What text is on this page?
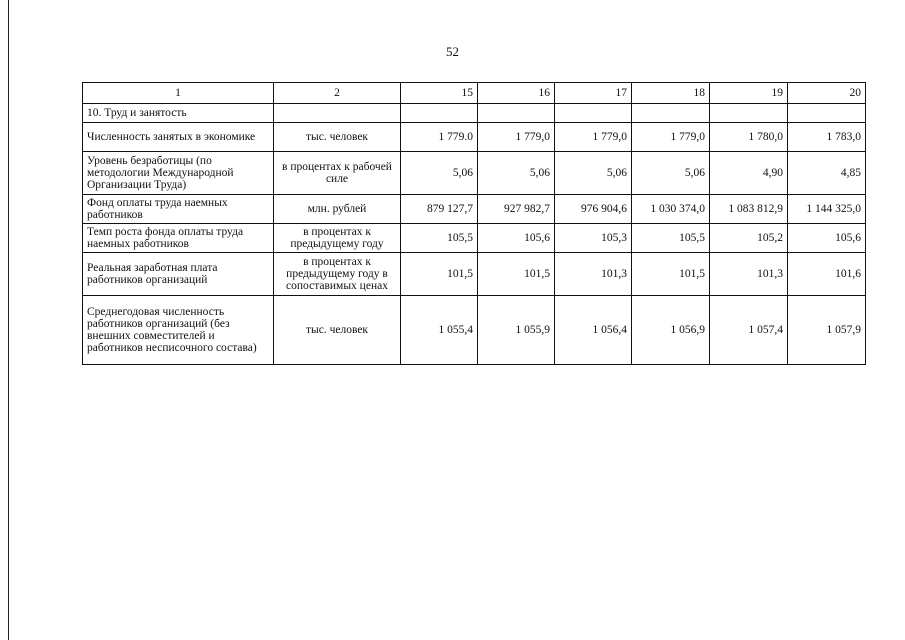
52
1	2	15	16	17	18	19	20
10. Труд и занятость							
Численность занятых в экономике	тыс. человек	1 779.0	1 779,0	1 779,0	1 779,0	1 780,0	1 783,0
Уровень безработицы (по методологии Международной Организации Труда)	в процентах к рабочей силе	5,06	5,06	5,06	5,06	4,90	4,85
Фонд оплаты труда наемных работников	млн. рублей	879 127,7	927 982,7	976 904,6	1 030 374,0	1 083 812,9	1 144 325,0
Темп роста фонда оплаты труда наемных работников	в процентах к предыдущему году	105,5	105,6	105,3	105,5	105,2	105,6
Реальная заработная плата работников организаций	в процентах к предыдущему году в сопоставимых ценах	101,5	101,5	101,3	101,5	101,3	101,6
Среднегодовая численность работников организаций (без внешних совместителей и работников несписочного состава)	тыс. человек	1 055,4	1 055,9	1 056,4	1 056,9	1 057,4	1 057,9
